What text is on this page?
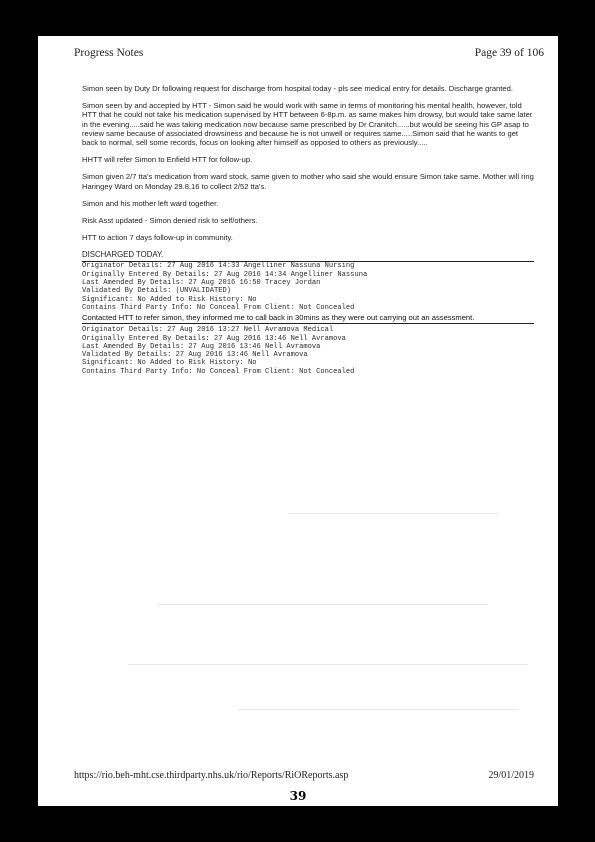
Progress Notes	Page 39 of 106

Simon seen by Duty Dr following request for discharge from hospital today - pls see medical entry for details. Discharge granted.

Simon seen by and accepted by HTT - Simon said he would work with same in terms of monitoring his mental health, however, told HTT that he could not take his medication supervised by HTT between 6-8p.m. as same makes him drowsy, but would take same later in the evening.....said he was taking medication now because same prescribed by Dr Cranitch......but would be seeing his GP asap to review same because of associated drowsiness and because he is not unwell or requires same.....Simon said that he wants to get back to normal, sell some records, focus on looking after himself as opposed to others as previously.....

HHTT will refer Simon to Enfield HTT for follow-up.

Simon given 2/7 tta's medication from ward stock, same given to mother who said she would ensure Simon take same. Mother will ring Haringey Ward on Monday 29.8.16 to collect 2/52 tta's.

Simon and his mother left ward together.

Risk Asst updated - Simon denied risk to self/others.

HTT to action 7 days follow-up in community.

DISCHARGED TODAY.
Originator Details: 27 Aug 2016 14:33 Angelliner Nassuna Nursing
Originally Entered By Details: 27 Aug 2016 14:34 Angelliner Nassuna
Last Amended By Details: 27 Aug 2016 16:50 Tracey Jordan
Validated By Details: (UNVALIDATED)
Significant: No Added to Risk History: No
Contains Third Party Info: No Conceal From Client: Not Concealed

Contacted HTT to refer simon, they informed me to call back in 30mins as they were out carrying out an assessment.

Originator Details: 27 Aug 2016 13:27 Nell Avramova Medical
Originally Entered By Details: 27 Aug 2016 13:46 Nell Avramova
Last Amended By Details: 27 Aug 2016 13:46 Nell Avramova
Validated By Details: 27 Aug 2016 13:46 Nell Avramova
Significant: No Added to Risk History: No
Contains Third Party Info: No Conceal From Client: Not Concealed
https://rio.beh-mht.cse.thirdparty.nhs.uk/rio/Reports/RiOReports.asp	29/01/2019
39
